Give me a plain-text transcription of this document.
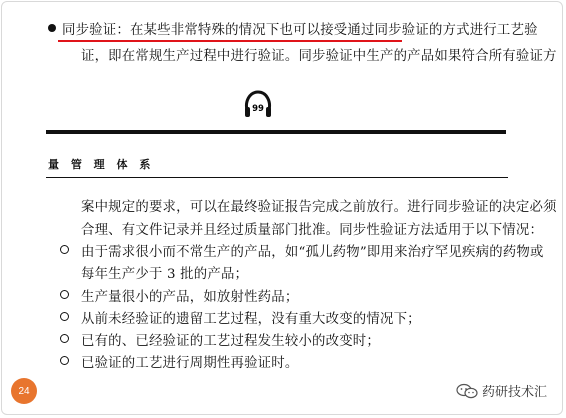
同步验证：在某些非常特殊的情况下也可以接受通过同步验证的方式进行工艺验
证，即在常规生产过程中进行验证。同步验证中生产的产品如果符合所有验证方
99
量 管 理 体 系
案中规定的要求，可以在最终验证报告完成之前放行。进行同步验证的决定必须
合理、有文件记录并且经过质量部门批准。同步性验证方法适用于以下情况：
由于需求很小而不常生产的产品，如“孤儿药物”即用来治疗罕见疾病的药物或
每年生产少于 3 批的产品；
生产量很小的产品，如放射性药品；
从前未经验证的遗留工艺过程，没有重大改变的情况下；
已有的、已经验证的工艺过程发生较小的改变时；
已验证的工艺进行周期性再验证时。
24	药研技术汇
